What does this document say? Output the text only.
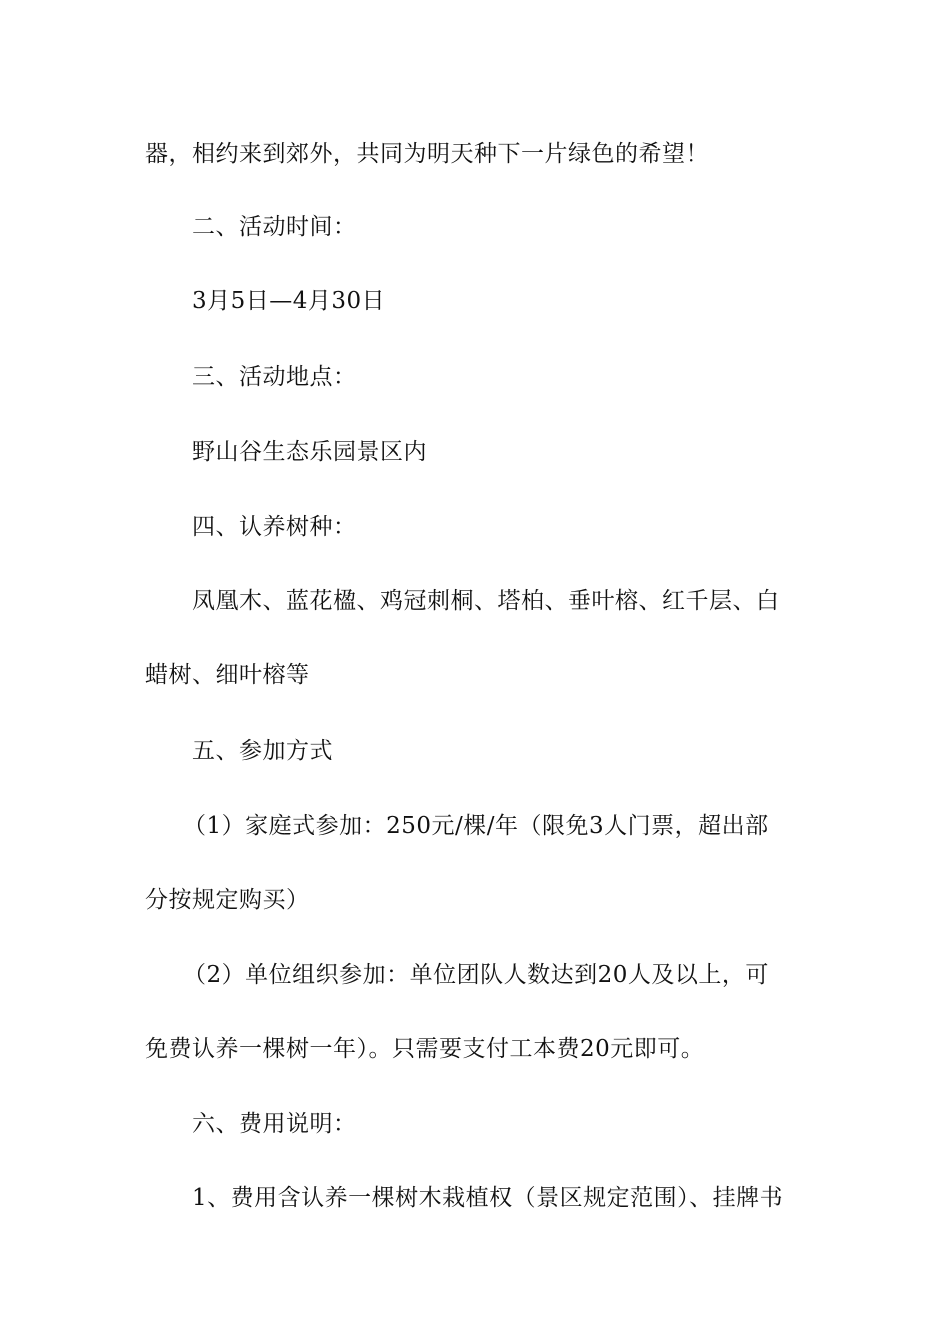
器，相约来到郊外，共同为明天种下一片绿色的希望！
二、活动时间：
3月5日—4月30日
三、活动地点：
野山谷生态乐园景区内
四、认养树种：
凤凰木、蓝花楹、鸡冠刺桐、塔柏、垂叶榕、红千层、白
蜡树、细叶榕等
五、参加方式
（1）家庭式参加：250元/棵/年（限免3人门票，超出部
分按规定购买）
（2）单位组织参加：单位团队人数达到20人及以上，可
免费认养一棵树一年）。只需要支付工本费20元即可。
六、费用说明：
1、费用含认养一棵树木栽植权（景区规定范围）、挂牌书
